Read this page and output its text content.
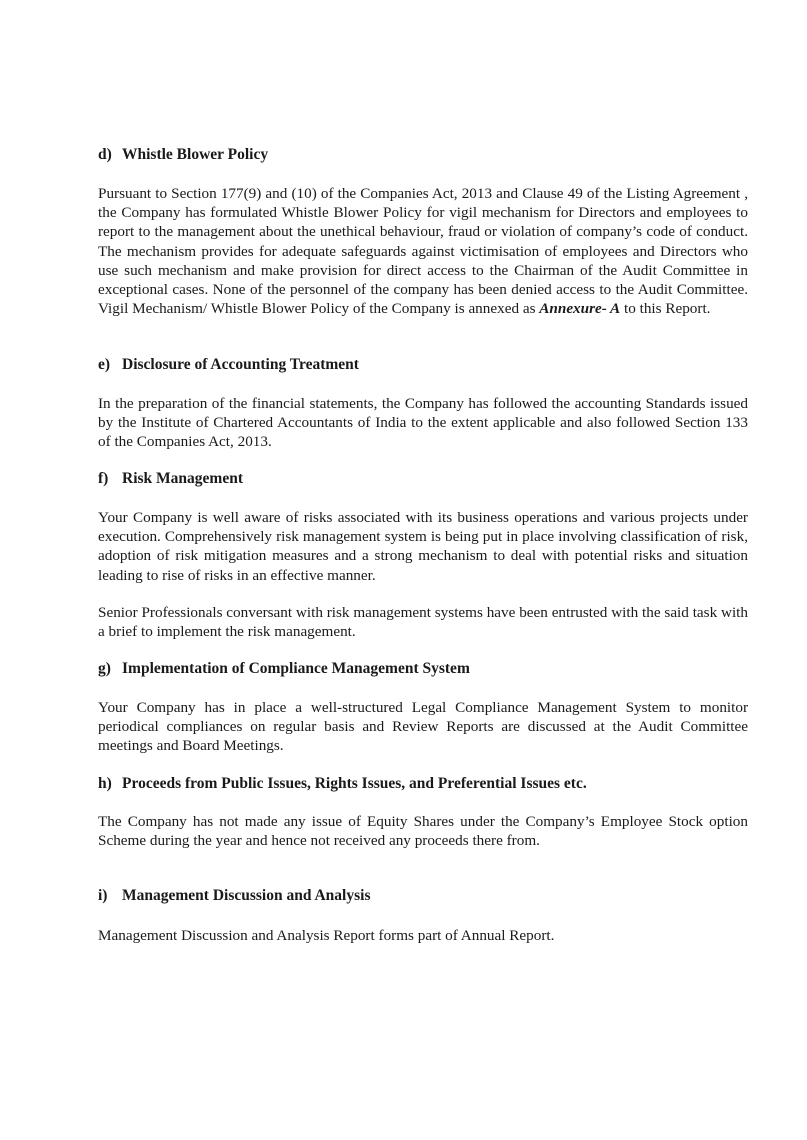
d) Whistle Blower Policy

Pursuant to Section 177(9) and (10) of the Companies Act, 2013 and Clause 49 of the Listing Agreement , the Company has formulated Whistle Blower Policy for vigil mechanism for Directors and employees to report to the management about the unethical behaviour, fraud or violation of company’s code of conduct. The mechanism provides for adequate safeguards against victimisation of employees and Directors who use such mechanism and make provision for direct access to the Chairman of the Audit Committee in exceptional cases. None of the personnel of the company has been denied access to the Audit Committee. Vigil Mechanism/ Whistle Blower Policy of the Company is annexed as Annexure- A to this Report.

e) Disclosure of Accounting Treatment

In the preparation of the financial statements, the Company has followed the accounting Standards issued by the Institute of Chartered Accountants of India to the extent applicable and also followed Section 133 of the Companies Act, 2013.

f) Risk Management

Your Company is well aware of risks associated with its business operations and various projects under execution. Comprehensively risk management system is being put in place involving classification of risk, adoption of risk mitigation measures and a strong mechanism to deal with potential risks and situation leading to rise of risks in an effective manner.

Senior Professionals conversant with risk management systems have been entrusted with the said task with a brief to implement the risk management.

g) Implementation of Compliance Management System

Your Company has in place a well-structured Legal Compliance Management System to monitor periodical compliances on regular basis and Review Reports are discussed at the Audit Committee meetings and Board Meetings.

h) Proceeds from Public Issues, Rights Issues, and Preferential Issues etc.

The Company has not made any issue of Equity Shares under the Company’s Employee Stock option Scheme during the year and hence not received any proceeds there from.

i) Management Discussion and Analysis

Management Discussion and Analysis Report forms part of Annual Report.
